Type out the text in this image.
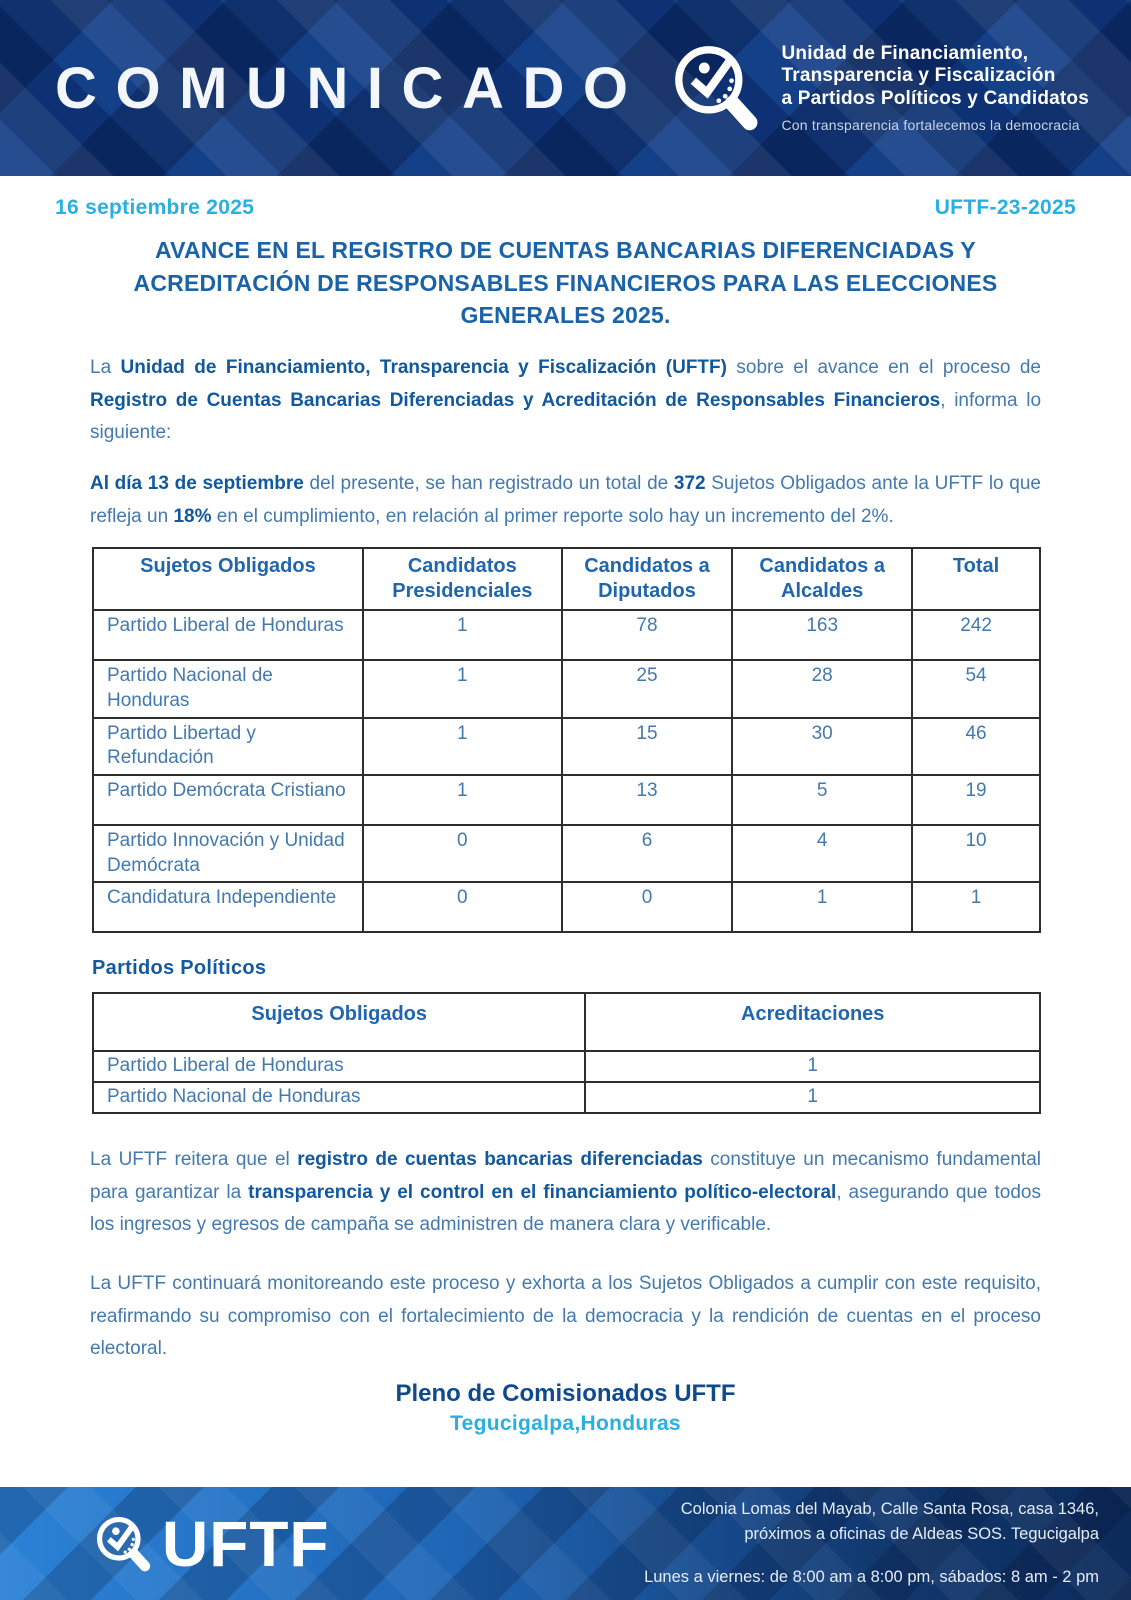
COMUNICADO
Unidad de Financiamiento,
Transparencia y Fiscalización
a Partidos Políticos y Candidatos
Con transparencia fortalecemos la democracia
16 septiembre 2025	UFTF-23-2025
AVANCE EN EL REGISTRO DE CUENTAS BANCARIAS DIFERENCIADAS Y ACREDITACIÓN DE RESPONSABLES FINANCIEROS PARA LAS ELECCIONES GENERALES 2025.

La Unidad de Financiamiento, Transparencia y Fiscalización (UFTF) sobre el avance en el proceso de Registro de Cuentas Bancarias Diferenciadas y Acreditación de Responsables Financieros, informa lo siguiente:

Al día 13 de septiembre del presente, se han registrado un total de 372 Sujetos Obligados ante la UFTF lo que refleja un 18% en el cumplimiento, en relación al primer reporte solo hay un incremento del 2%.

Sujetos Obligados	Candidatos Presidenciales	Candidatos a Diputados	Candidatos a Alcaldes	Total
Partido Liberal de Honduras	1	78	163	242
Partido Nacional de Honduras	1	25	28	54
Partido Libertad y Refundación	1	15	30	46
Partido Demócrata Cristiano	1	13	5	19
Partido Innovación y Unidad Demócrata	0	6	4	10
Candidatura Independiente	0	0	1	1
Partidos Políticos
Sujetos Obligados	Acreditaciones
Partido Liberal de Honduras	1
Partido Nacional de Honduras	1

La UFTF reitera que el registro de cuentas bancarias diferenciadas constituye un mecanismo fundamental para garantizar la transparencia y el control en el financiamiento político-electoral, asegurando que todos los ingresos y egresos de campaña se administren de manera clara y verificable.

La UFTF continuará monitoreando este proceso y exhorta a los Sujetos Obligados a cumplir con este requisito, reafirmando su compromiso con el fortalecimiento de la democracia y la rendición de cuentas en el proceso electoral.

Pleno de Comisionados UFTF
Tegucigalpa,Honduras
UFTF	Colonia Lomas del Mayab, Calle Santa Rosa, casa 1346,
próximos a oficinas de Aldeas SOS. Tegucigalpa
Lunes a viernes: de 8:00 am a 8:00 pm, sábados: 8 am - 2 pm
